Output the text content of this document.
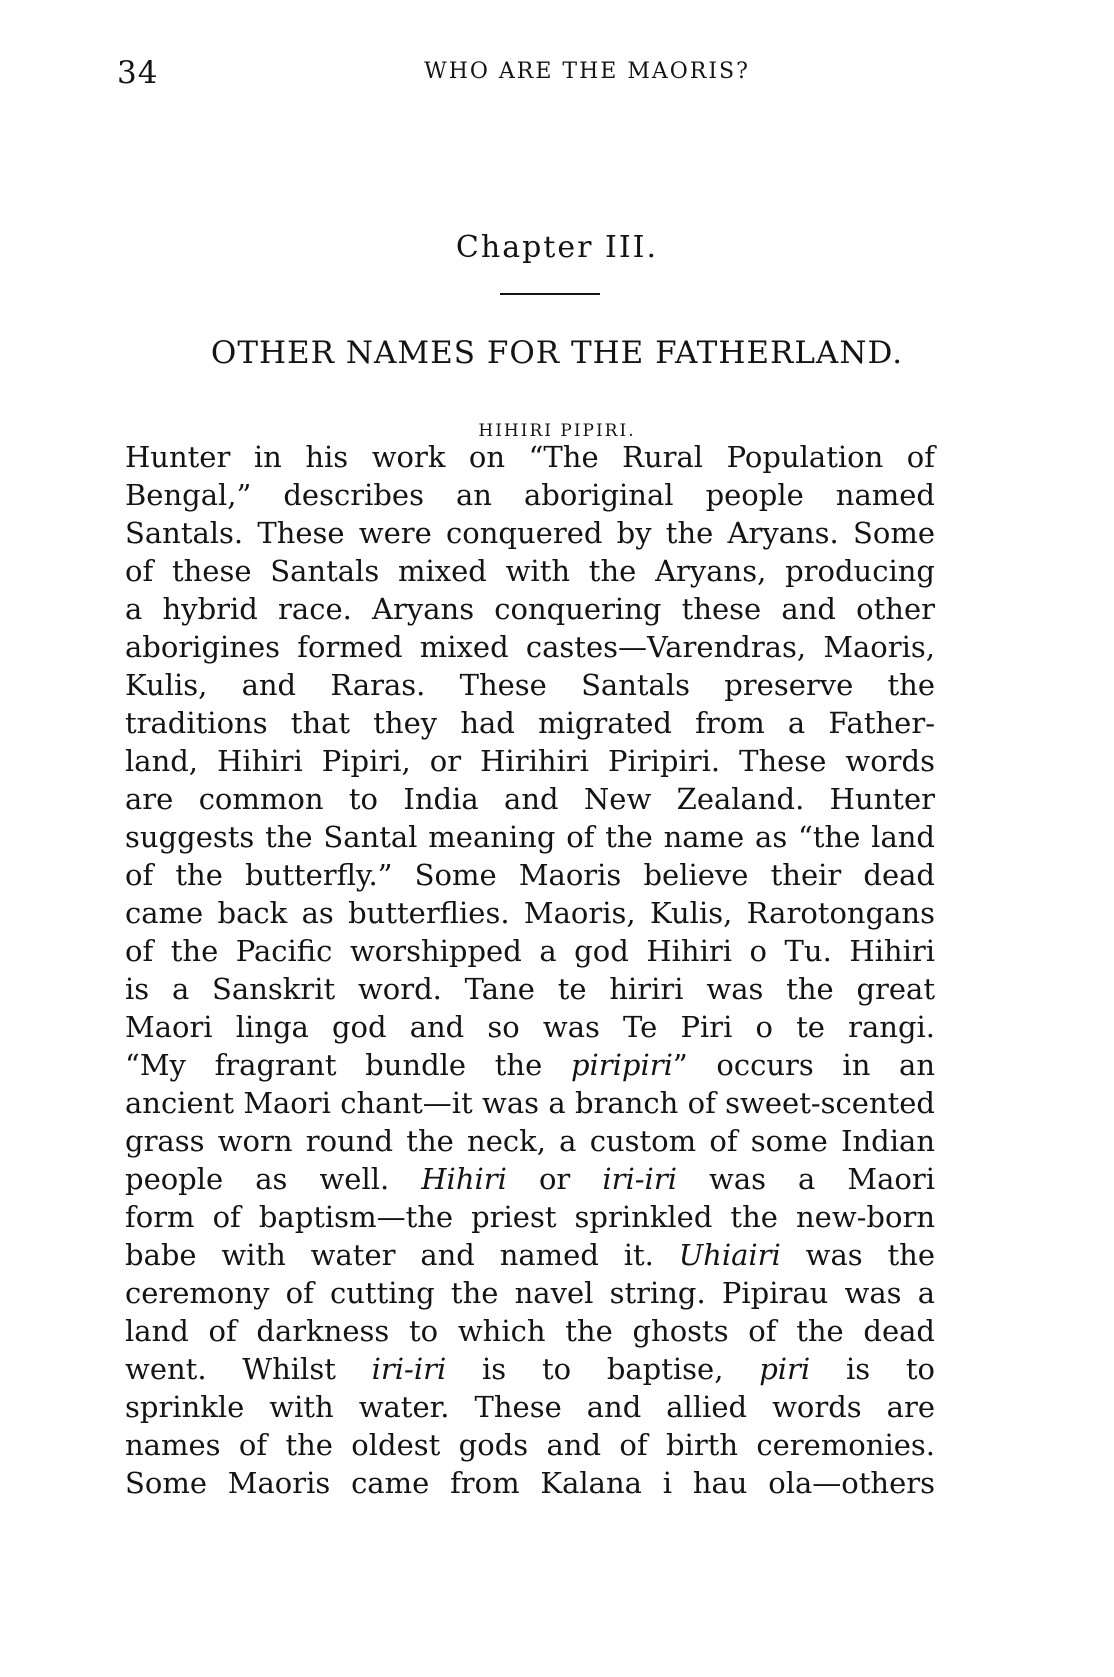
34	WHO ARE THE MAORIS?
Chapter III.
OTHER NAMES FOR THE FATHERLAND.
HIHIRI PIPIRI.
Hunter in his work on “The Rural Population of
Bengal,” describes an aboriginal people named
Santals. These were conquered by the Aryans. Some
of these Santals mixed with the Aryans, producing
a hybrid race. Aryans conquering these and other
aborigines formed mixed castes—Varendras, Maoris,
Kulis, and Raras. These Santals preserve the
traditions that they had migrated from a Father-
land, Hihiri Pipiri, or Hirihiri Piripiri. These words
are common to India and New Zealand. Hunter
suggests the Santal meaning of the name as “the land
of the butterfly.” Some Maoris believe their dead
came back as butterflies. Maoris, Kulis, Rarotongans
of the Pacific worshipped a god Hihiri o Tu. Hihiri
is a Sanskrit word. Tane te hiriri was the great
Maori linga god and so was Te Piri o te rangi.
“My fragrant bundle the piripiri” occurs in an
ancient Maori chant—it was a branch of sweet-scented
grass worn round the neck, a custom of some Indian
people as well. Hihiri or iri-iri was a Maori
form of baptism—the priest sprinkled the new-born
babe with water and named it. Uhiairi was the
ceremony of cutting the navel string. Pipirau was a
land of darkness to which the ghosts of the dead
went. Whilst iri-iri is to baptise, piri is to
sprinkle with water. These and allied words are
names of the oldest gods and of birth ceremonies.
Some Maoris came from Kalana i hau ola—others
